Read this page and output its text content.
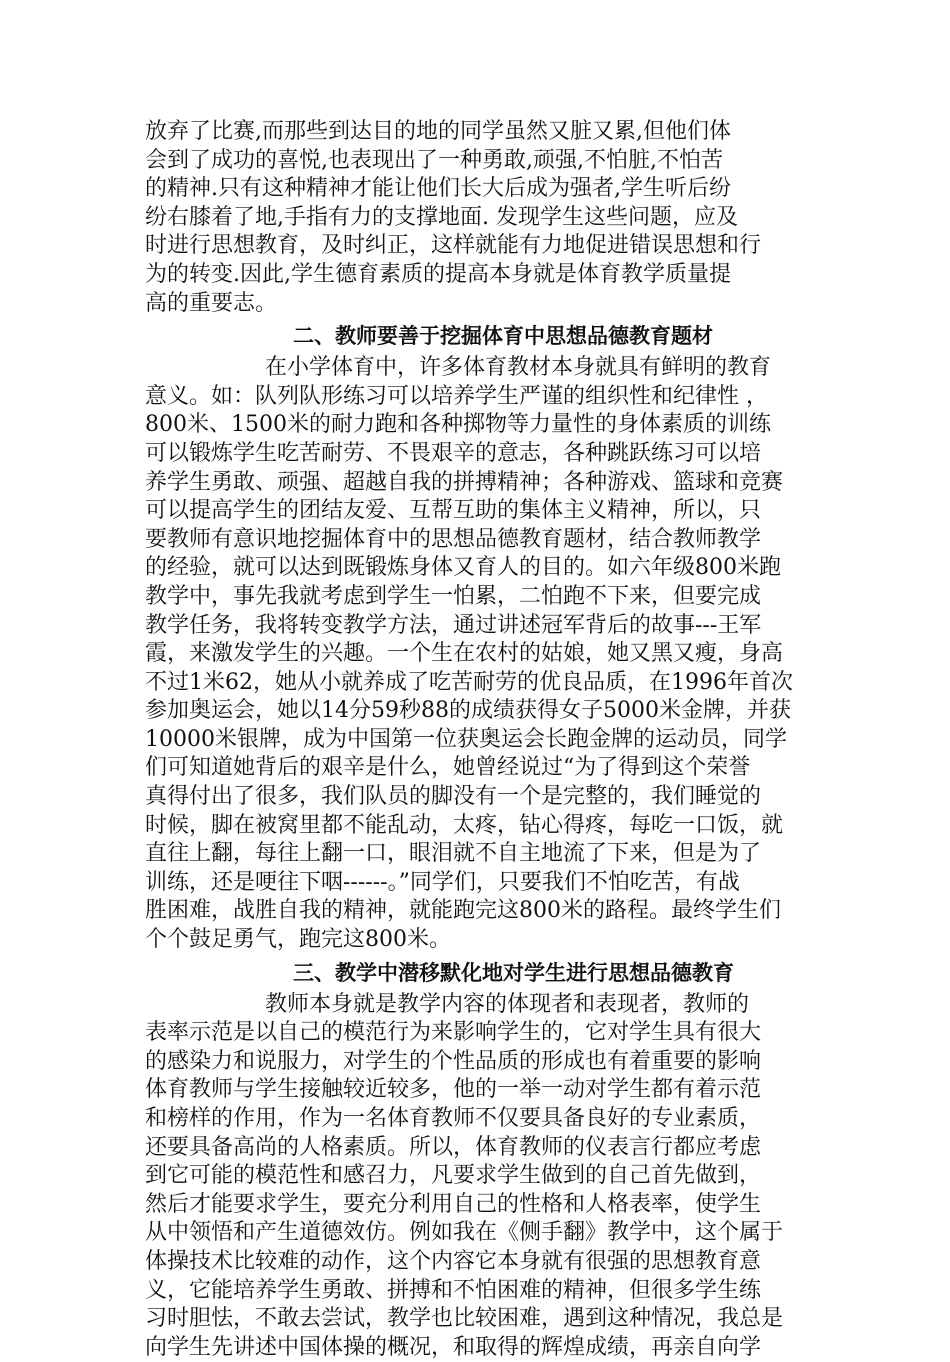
放弃了比赛,而那些到达目的地的同学虽然又脏又累,但他们体
会到了成功的喜悦,也表现出了一种勇敢,顽强,不怕脏,不怕苦
的精神.只有这种精神才能让他们长大后成为强者,学生听后纷
纷右膝着了地,手指有力的支撑地面. 发现学生这些问题，应及
时进行思想教育，及时纠正，这样就能有力地促进错误思想和行
为的转变.因此,学生德育素质的提高本身就是体育教学质量提
高的重要志。
二、教师要善于挖掘体育中思想品德教育题材
在小学体育中，许多体育教材本身就具有鲜明的教育
意义。如：队列队形练习可以培养学生严谨的组织性和纪律性 ，
800米、1500米的耐力跑和各种掷物等力量性的身体素质的训练
可以锻炼学生吃苦耐劳、不畏艰辛的意志，各种跳跃练习可以培
养学生勇敢、顽强、超越自我的拼搏精神；各种游戏、篮球和竞赛
可以提高学生的团结友爱、互帮互助的集体主义精神，所以，只
要教师有意识地挖掘体育中的思想品德教育题材，结合教师教学
的经验，就可以达到既锻炼身体又育人的目的。如六年级800米跑
教学中，事先我就考虑到学生一怕累，二怕跑不下来，但要完成
教学任务，我将转变教学方法，通过讲述冠军背后的故事---王军
霞，来激发学生的兴趣。一个生在农村的姑娘，她又黑又瘦，身高
不过1米62，她从小就养成了吃苦耐劳的优良品质，在1996年首次
参加奥运会，她以14分59秒88的成绩获得女子5000米金牌，并获
10000米银牌，成为中国第一位获奥运会长跑金牌的运动员，同学
们可知道她背后的艰辛是什么，她曾经说过“为了得到这个荣誉
真得付出了很多，我们队员的脚没有一个是完整的，我们睡觉的
时候，脚在被窝里都不能乱动，太疼，钻心得疼，每吃一口饭，就
直往上翻，每往上翻一口，眼泪就不自主地流了下来，但是为了
训练，还是哽往下咽------。”同学们，只要我们不怕吃苦，有战
胜困难，战胜自我的精神，就能跑完这800米的路程。最终学生们
个个鼓足勇气，跑完这800米。
三、教学中潜移默化地对学生进行思想品德教育
教师本身就是教学内容的体现者和表现者，教师的
表率示范是以自己的模范行为来影响学生的，它对学生具有很大
的感染力和说服力，对学生的个性品质的形成也有着重要的影响
体育教师与学生接触较近较多，他的一举一动对学生都有着示范
和榜样的作用，作为一名体育教师不仅要具备良好的专业素质，
还要具备高尚的人格素质。所以，体育教师的仪表言行都应考虑
到它可能的模范性和感召力，凡要求学生做到的自己首先做到，
然后才能要求学生，要充分利用自己的性格和人格表率，使学生
从中领悟和产生道德效仿。例如我在《侧手翻》教学中，这个属于
体操技术比较难的动作，这个内容它本身就有很强的思想教育意
义，它能培养学生勇敢、拼搏和不怕困难的精神，但很多学生练
习时胆怯，不敢去尝试，教学也比较困难，遇到这种情况，我总是
向学生先讲述中国体操的概况，和取得的辉煌成绩，再亲自向学
